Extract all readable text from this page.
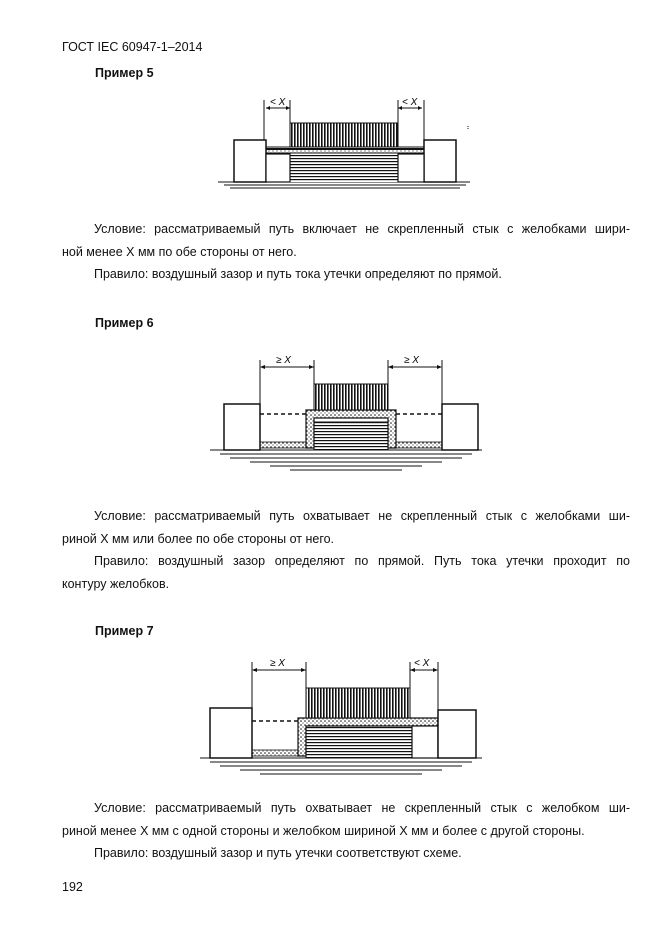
ГОСТ IEC 60947-1–2014
Пример 5
< X	< X
Условие: рассматриваемый путь включает не скрепленный стык с желобками шири-
ной менее X мм по обе стороны от него.
Правило: воздушный зазор и путь тока утечки определяют по прямой.
Пример 6
≥ X	≥ X
Условие: рассматриваемый путь охватывает не скрепленный стык с желобками ши-
риной X мм или более по обе стороны от него.
Правило: воздушный зазор определяют по прямой. Путь тока утечки проходит по
контуру желобков.
Пример 7
≥ X	< X
Условие: рассматриваемый путь охватывает не скрепленный стык с желобком ши-
риной менее X мм с одной стороны и желобком шириной X мм и более с другой стороны.
Правило: воздушный зазор и путь утечки соответствуют схеме.
192
